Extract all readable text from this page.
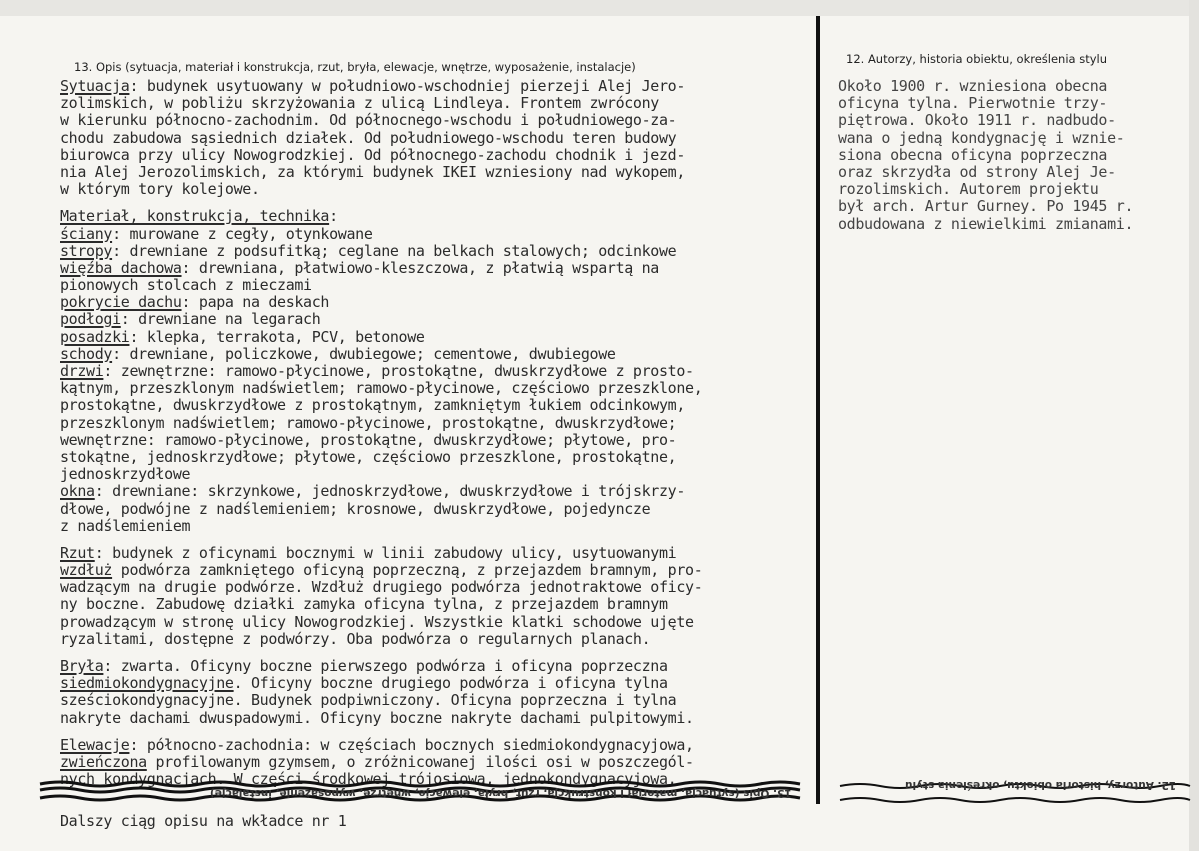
13. Opis (sytuacja, materiał i konstrukcja, rzut, bryła, elewacje, wnętrze, wyposażenie, instalacje)
12. Autorzy, historia obiektu, określenia stylu
Sytuacja: budynek usytuowany w południowo-wschodniej pierzeji Alej Jero-
zolimskich, w pobliżu skrzyżowania z ulicą Lindleya. Frontem zwrócony
w kierunku północno-zachodnim. Od północnego-wschodu i południowego-za-
chodu zabudowa sąsiednich działek. Od południowego-wschodu teren budowy
biurowca przy ulicy Nowogrodzkiej. Od północnego-zachodu chodnik i jezd-
nia Alej Jerozolimskich, za którymi budynek IKEI wzniesiony nad wykopem,
w którym tory kolejowe.
Materiał, konstrukcja, technika:
ściany: murowane z cegły, otynkowane
stropy: drewniane z podsufitką; ceglane na belkach stalowych; odcinkowe
więźba dachowa: drewniana, płatwiowo-kleszczowa, z płatwią wspartą na
pionowych stolcach z mieczami
pokrycie dachu: papa na deskach
podłogi: drewniane na legarach
posadzki: klepka, terrakota, PCV, betonowe
schody: drewniane, policzkowe, dwubiegowe; cementowe, dwubiegowe
drzwi: zewnętrzne: ramowo-płycinowe, prostokątne, dwuskrzydłowe z prosto-
kątnym, przeszklonym nadświetlem; ramowo-płycinowe, częściowo przeszklone,
prostokątne, dwuskrzydłowe z prostokątnym, zamkniętym łukiem odcinkowym,
przeszklonym nadświetlem; ramowo-płycinowe, prostokątne, dwuskrzydłowe;
wewnętrzne: ramowo-płycinowe, prostokątne, dwuskrzydłowe; płytowe, pro-
stokątne, jednoskrzydłowe; płytowe, częściowo przeszklone, prostokątne,
jednoskrzydłowe
okna: drewniane: skrzynkowe, jednoskrzydłowe, dwuskrzydłowe i trójskrzy-
dłowe, podwójne z nadślemieniem; krosnowe, dwuskrzydłowe, pojedyncze
z nadślemieniem
Rzut: budynek z oficynami bocznymi w linii zabudowy ulicy, usytuowanymi
wzdłuż podwórza zamkniętego oficyną poprzeczną, z przejazdem bramnym, pro-
wadzącym na drugie podwórze. Wzdłuż drugiego podwórza jednotraktowe oficy-
ny boczne. Zabudowę działki zamyka oficyna tylna, z przejazdem bramnym
prowadzącym w stronę ulicy Nowogrodzkiej. Wszystkie klatki schodowe ujęte
ryzalitami, dostępne z podwórzy. Oba podwórza o regularnych planach.
Bryła: zwarta. Oficyny boczne pierwszego podwórza i oficyna poprzeczna
siedmiokondygnacyjne. Oficyny boczne drugiego podwórza i oficyna tylna
sześciokondygnacyjne. Budynek podpiwniczony. Oficyna poprzeczna i tylna
nakryte dachami dwuspadowymi. Oficyny boczne nakryte dachami pulpitowymi.
Elewacje: północno-zachodnia: w częściach bocznych siedmiokondygnacyjowa,
zwieńczona profilowanym gzymsem, o zróżnicowanej ilości osi w poszczegól-
nych kondygnacjach. W części środkowej trójosiowa, jednokondygnacyjowa,
Około 1900 r. wzniesiona obecna
oficyna tylna. Pierwotnie trzy-
piętrowa. Około 1911 r. nadbudo-
wana o jedną kondygnację i wznie-
siona obecna oficyna poprzeczna
oraz skrzydła od strony Alej Je-
rozolimskich. Autorem projektu
był arch. Artur Gurney. Po 1945 r.
odbudowana z niewielkimi zmianami.
13. Opis (sytuacja, materiał i konstrukcja, rzut, bryła, elewacje, wnętrze, wyposażenie, instalacje)
12. Autorzy, historia obiektu, określenia stylu
Dalszy ciąg opisu na wkładce nr 1
